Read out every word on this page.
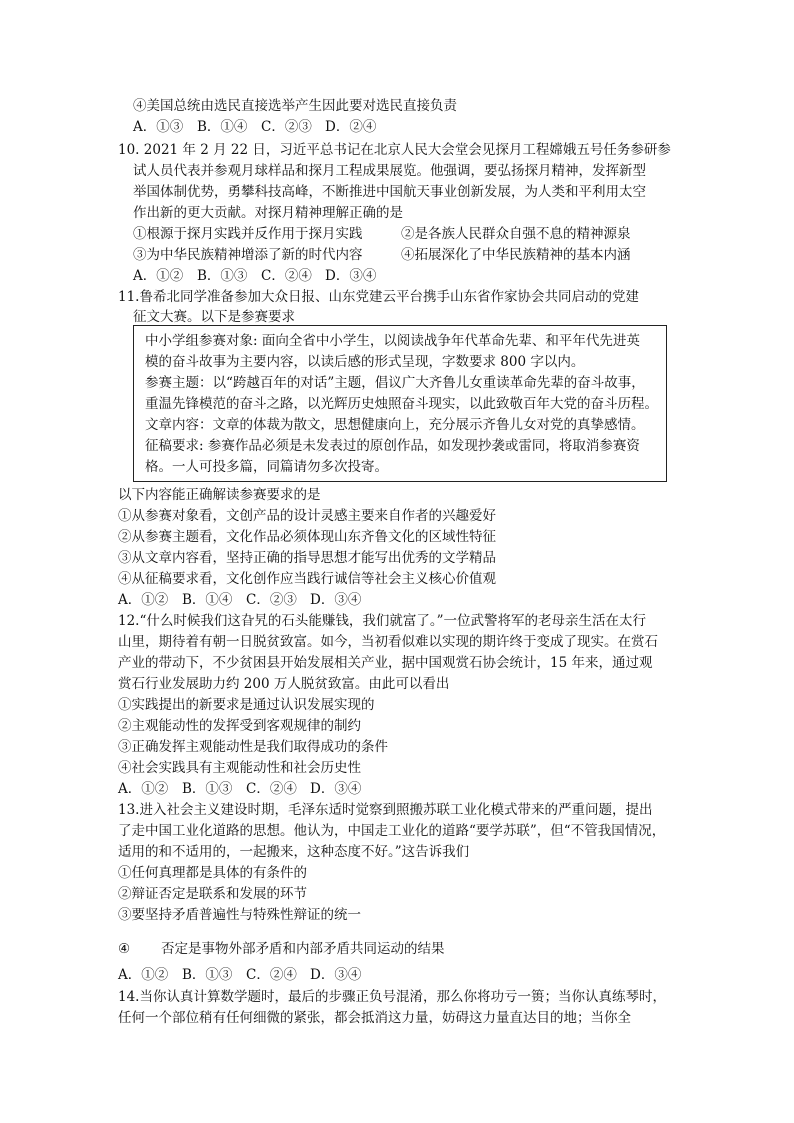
④美国总统由选民直接选举产生因此要对选民直接负责
A．①③ B．①④ C．②③ D．②④
10. 2021 年 2 月 22 日，习近平总书记在北京人民大会堂会见探月工程嫦娥五号任务参研参
试人员代表并参观月球样品和探月工程成果展览。他强调，要弘扬探月精神，发挥新型
举国体制优势，勇攀科技高峰，不断推进中国航天事业创新发展，为人类和平利用太空
作出新的更大贡献。对探月精神理解正确的是
①根源于探月实践并反作用于探月实践	②是各族人民群众自强不息的精神源泉
③为中华民族精神增添了新的时代内容	④拓展深化了中华民族精神的基本内涵
A．①② B．①③ C．②④ D．③④
11.鲁希北同学准备参加大众日报、山东党建云平台携手山东省作家协会共同启动的党建
征文大赛。以下是参赛要求
中小学组参赛对象: 面向全省中小学生，以阅读战争年代革命先辈、和平年代先进英
模的奋斗故事为主要内容，以读后感的形式呈现，字数要求 800 字以内。
参赛主题：以“跨越百年的对话”主题，倡议广大齐鲁儿女重读革命先辈的奋斗故事，
重温先锋模范的奋斗之路，以光辉历史烛照奋斗现实，以此致敬百年大党的奋斗历程。
文章内容：文章的体裁为散文，思想健康向上，充分展示齐鲁儿女对党的真挚感情。
征稿要求: 参赛作品必须是未发表过的原创作品，如发现抄袭或雷同，将取消参赛资
格。一人可投多篇，同篇请勿多次投寄。
以下内容能正确解读参赛要求的是
①从参赛对象看，文创产品的设计灵感主要来自作者的兴趣爱好
②从参赛主题看，文化作品必须体现山东齐鲁文化的区域性特征
③从文章内容看，坚持正确的指导思想才能写出优秀的文学精品
④从征稿要求看，文化创作应当践行诚信等社会主义核心价值观
A．①② B．①④ C．②③ D．③④
12.“什么时候我们这旮旯的石头能赚钱，我们就富了。”一位武警将军的老母亲生活在太行
山里，期待着有朝一日脱贫致富。如今，当初看似难以实现的期许终于变成了现实。在赏石
产业的带动下，不少贫困县开始发展相关产业，据中国观赏石协会统计，15 年来，通过观
赏石行业发展助力约 200 万人脱贫致富。由此可以看出
①实践提出的新要求是通过认识发展实现的
②主观能动性的发挥受到客观规律的制约
③正确发挥主观能动性是我们取得成功的条件
④社会实践具有主观能动性和社会历史性
A．①② B．①③ C．②④ D．③④
13.进入社会主义建设时期，毛泽东适时觉察到照搬苏联工业化模式带来的严重问题，提出
了走中国工业化道路的思想。他认为，中国走工业化的道路“要学苏联”，但“不管我国情况，
适用的和不适用的，一起搬来，这种态度不好。”这告诉我们
①任何真理都是具体的有条件的
②辩证否定是联系和发展的环节
③要坚持矛盾普遍性与特殊性辩证的统一
④ 否定是事物外部矛盾和内部矛盾共同运动的结果
A．①② B．①③ C．②④ D．③④
14.当你认真计算数学题时，最后的步骤正负号混淆，那么你将功亏一篑；当你认真练琴时，
任何一个部位稍有任何细微的紧张，都会抵消这力量，妨碍这力量直达目的地；当你全
